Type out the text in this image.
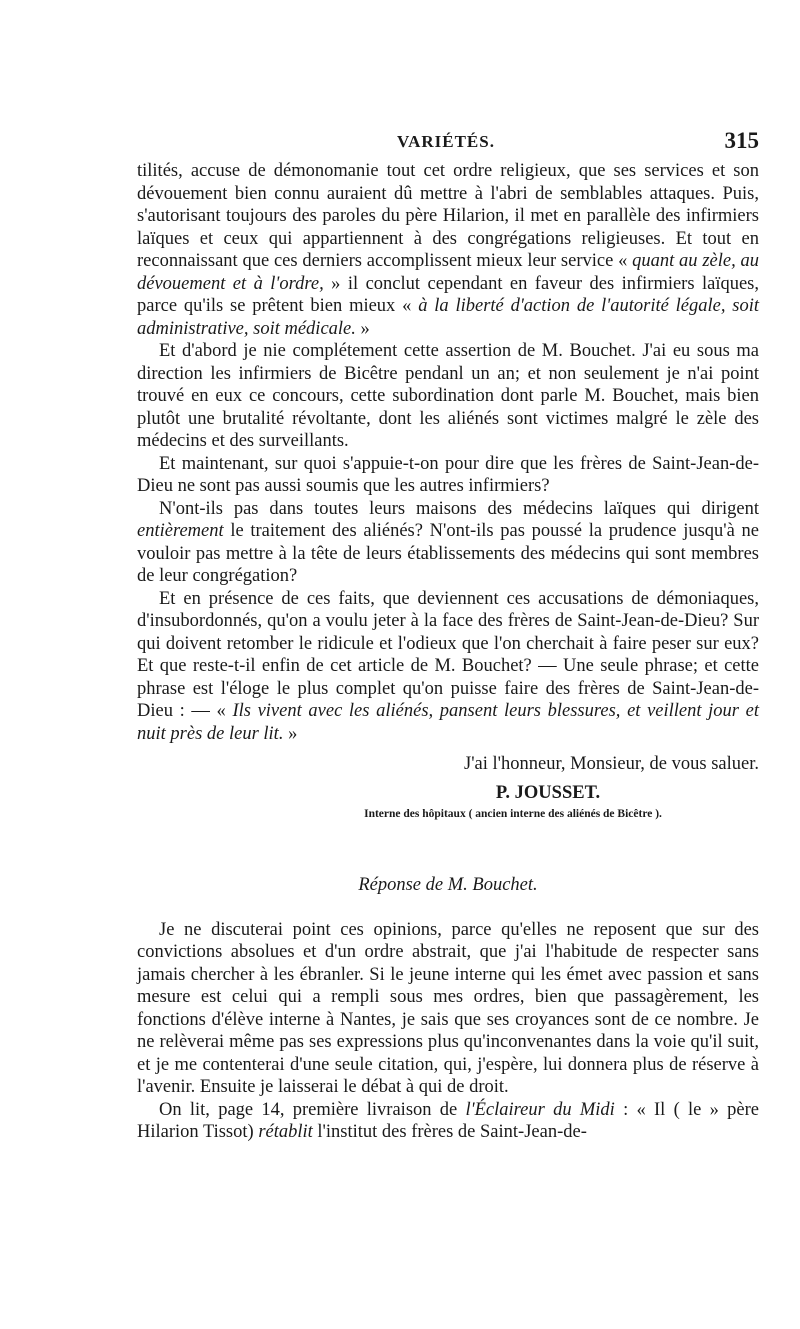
VARIÉTÉS.	315

tilités, accuse de démonomanie tout cet ordre religieux, que ses services et son dévouement bien connu auraient dû mettre à l'abri de semblables attaques. Puis, s'autorisant toujours des paroles du père Hilarion, il met en parallèle des infirmiers laïques et ceux qui appartiennent à des congrégations religieuses. Et tout en reconnaissant que ces derniers accomplissent mieux leur service « quant au zèle, au dévouement et à l'ordre, » il conclut cependant en faveur des infirmiers laïques, parce qu'ils se prêtent bien mieux « à la liberté d'action de l'autorité légale, soit administrative, soit médicale. »

Et d'abord je nie complétement cette assertion de M. Bouchet. J'ai eu sous ma direction les infirmiers de Bicêtre pendanl un an; et non seulement je n'ai point trouvé en eux ce concours, cette subordination dont parle M. Bouchet, mais bien plutôt une brutalité révoltante, dont les aliénés sont victimes malgré le zèle des médecins et des surveillants.

Et maintenant, sur quoi s'appuie-t-on pour dire que les frères de Saint-Jean-de-Dieu ne sont pas aussi soumis que les autres infirmiers?

N'ont-ils pas dans toutes leurs maisons des médecins laïques qui dirigent entièrement le traitement des aliénés? N'ont-ils pas poussé la prudence jusqu'à ne vouloir pas mettre à la tête de leurs établissements des médecins qui sont membres de leur congrégation?

Et en présence de ces faits, que deviennent ces accusations de démoniaques, d'insubordonnés, qu'on a voulu jeter à la face des frères de Saint-Jean-de-Dieu? Sur qui doivent retomber le ridicule et l'odieux que l'on cherchait à faire peser sur eux? Et que reste-t-il enfin de cet article de M. Bouchet? — Une seule phrase; et cette phrase est l'éloge le plus complet qu'on puisse faire des frères de Saint-Jean-de-Dieu : — « Ils vivent avec les aliénés, pansent leurs blessures, et veillent jour et nuit près de leur lit. »

J'ai l'honneur, Monsieur, de vous saluer.

P. JOUSSET.

Interne des hôpitaux ( ancien interne des aliénés de Bicêtre ).

Réponse de M. Bouchet.

Je ne discuterai point ces opinions, parce qu'elles ne reposent que sur des convictions absolues et d'un ordre abstrait, que j'ai l'habitude de respecter sans jamais chercher à les ébranler. Si le jeune interne qui les émet avec passion et sans mesure est celui qui a rempli sous mes ordres, bien que passagèrement, les fonctions d'élève interne à Nantes, je sais que ses croyances sont de ce nombre. Je ne relèverai même pas ses expressions plus qu'inconvenantes dans la voie qu'il suit, et je me contenterai d'une seule citation, qui, j'espère, lui donnera plus de réserve à l'avenir. Ensuite je laisserai le débat à qui de droit.

On lit, page 14, première livraison de l'Éclaireur du Midi : « Il ( le » père Hilarion Tissot) rétablit l'institut des frères de Saint-Jean-de-
